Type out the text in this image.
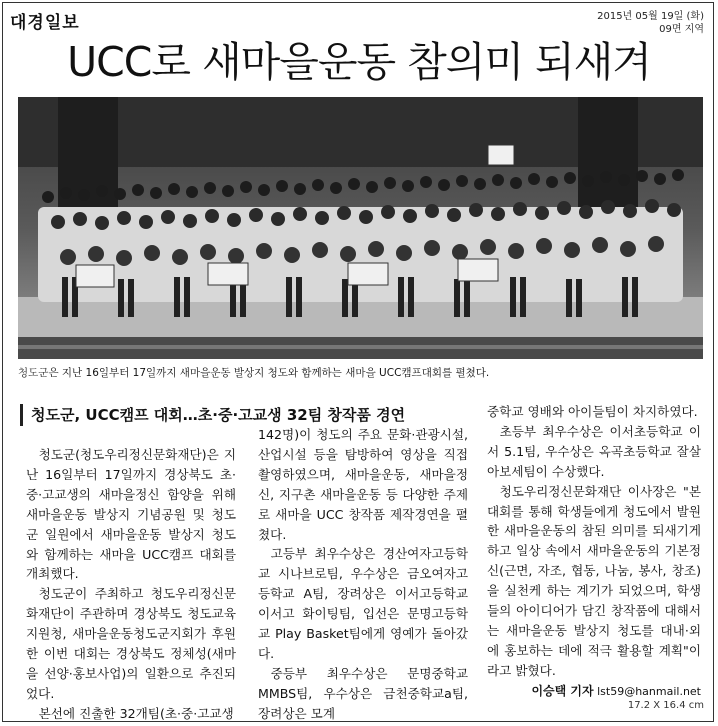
대경일보	2015년 05월 19일 (화)
09면 지역
UCC로 새마을운동 참의미 되새겨
청도군은 지난 16일부터 17일까지 새마을운동 발상지 청도와 함께하는 새마을 UCC캠프대회를 펼쳤다.
청도군, UCC캠프 대회…초·중·고교생 32팀 창작품 경연

청도군(청도우리정신문화재단)은 지난 16일부터 17일까지 경상북도 초·중·고교생의 새마을정신 함양을 위해 새마을운동 발상지 기념공원 및 청도군 일원에서 새마을운동 발상지 청도와 함께하는 새마을 UCC캠프 대회를 개최했다.

청도군이 주최하고 청도우리정신문화재단이 주관하며 경상북도 청도교육지원청, 새마을운동청도군지회가 후원한 이번 대회는 경상북도 정체성(새마을 선양·홍보사업)의 일환으로 추진되었다.

본선에 진출한 32개팀(초·중·고교생

142명)이 청도의 주요 문화·관광시설, 산업시설 등을 탐방하여 영상을 직접 촬영하였으며, 새마을운동, 새마을정신, 지구촌 새마을운동 등 다양한 주제로 새마을 UCC 창작품 제작경연을 펼쳤다.

고등부 최우수상은 경산여자고등학교 시나브로팀, 우수상은 금오여자고등학교 A팀, 장려상은 이서고등학교 이서고 화이팅팀, 입선은 문명고등학교 Play Basket팀에게 영예가 돌아갔다.

중등부 최우수상은 문명중학교 MMBS팀, 우수상은 금천중학교a팀, 장려상은 모계

중학교 영배와 아이들팀이 차지하였다.

초등부 최우수상은 이서초등학교 이서 5.1팀, 우수상은 옥곡초등학교 잘살아보세팀이 수상했다.

청도우리정신문화재단 이사장은 "본 대회를 통해 학생들에게 청도에서 발원한 새마을운동의 참된 의미를 되새기게 하고 일상 속에서 새마을운동의 기본정신(근면, 자조, 협동, 나눔, 봉사, 창조)을 실천케 하는 계기가 되었으며, 학생들의 아이디어가 담긴 창작품에 대해서는 새마을운동 발상지 청도를 대내·외에 홍보하는 데에 적극 활용할 계획"이라고 밝혔다.

이승택 기자 lst59@hanmail.net
17.2 X 16.4 cm
